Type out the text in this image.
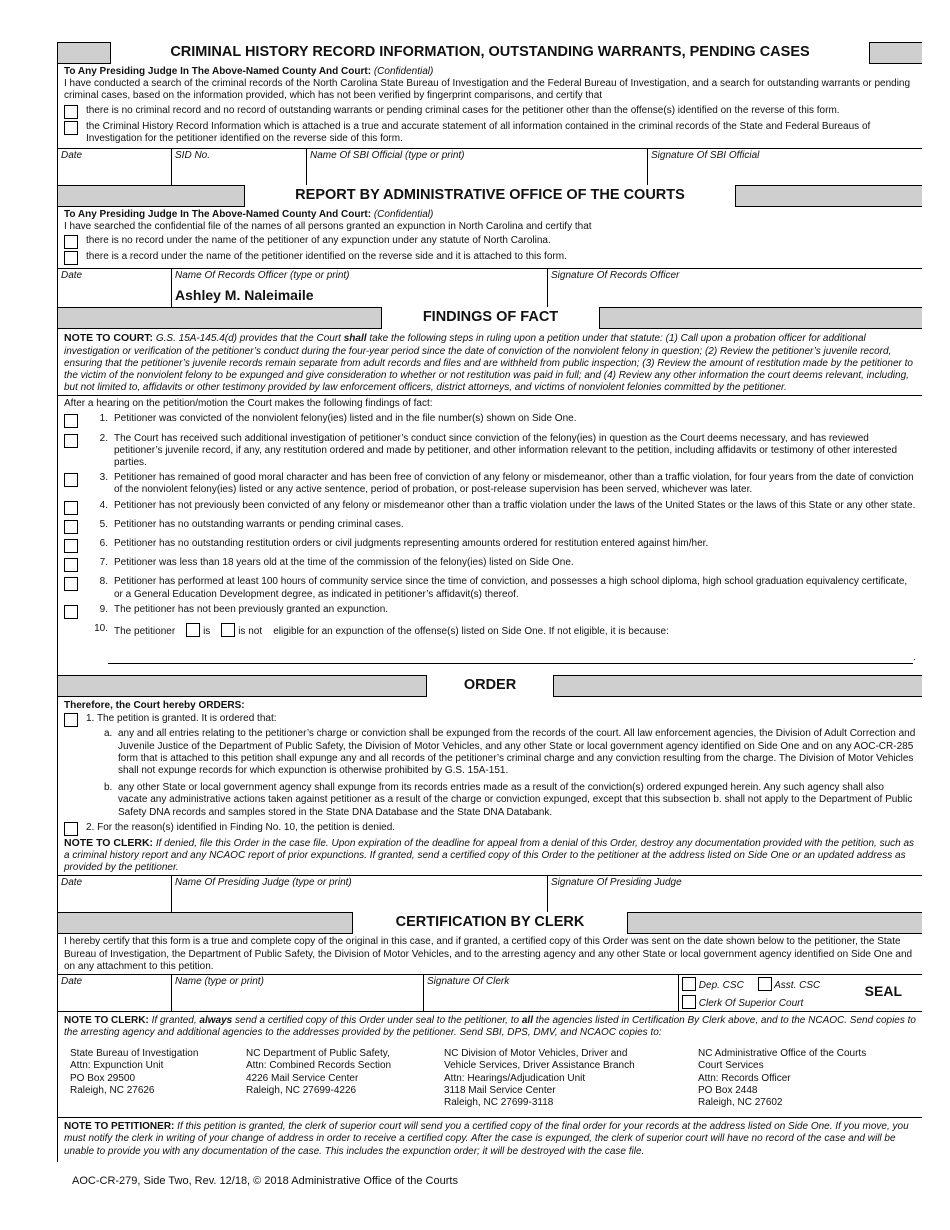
CRIMINAL HISTORY RECORD INFORMATION, OUTSTANDING WARRANTS, PENDING CASES
To Any Presiding Judge In The Above-Named County And Court: (Confidential)
I have conducted a search of the criminal records of the North Carolina State Bureau of Investigation and the Federal Bureau of Investigation, and a search for outstanding warrants or pending criminal cases, based on the information provided, which has not been verified by fingerprint comparisons, and certify that
there is no criminal record and no record of outstanding warrants or pending criminal cases for the petitioner other than the offense(s) identified on the reverse of this form.
the Criminal History Record Information which is attached is a true and accurate statement of all information contained in the criminal records of the State and Federal Bureaus of Investigation for the petitioner identified on the reverse side of this form.
Date	SID No.	Name Of SBI Official (type or print)	Signature Of SBI Official
REPORT BY ADMINISTRATIVE OFFICE OF THE COURTS
To Any Presiding Judge In The Above-Named County And Court: (Confidential)
I have searched the confidential file of the names of all persons granted an expunction in North Carolina and certify that
there is no record under the name of the petitioner of any expunction under any statute of North Carolina.
there is a record under the name of the petitioner identified on the reverse side and it is attached to this form.
Date	Name Of Records Officer (type or print)
Ashley M. Naleimaile
Signature Of Records Officer
FINDINGS OF FACT
NOTE TO COURT: G.S. 15A-145.4(d) provides that the Court shall take the following steps in ruling upon a petition under that statute: (1) Call upon a probation officer for additional investigation or verification of the petitioner’s conduct during the four-year period since the date of conviction of the nonviolent felony in question; (2) Review the petitioner’s juvenile record, ensuring that the petitioner’s juvenile records remain separate from adult records and files and are withheld from public inspection; (3) Review the amount of restitution made by the petitioner to the victim of the nonviolent felony to be expunged and give consideration to whether or not restitution was paid in full; and (4) Review any other information the court deems relevant, including, but not limited to, affidavits or other testimony provided by law enforcement officers, district attorneys, and victims of nonviolent felonies committed by the petitioner.
After a hearing on the petition/motion the Court makes the following findings of fact:
1. Petitioner was convicted of the nonviolent felony(ies) listed and in the file number(s) shown on Side One.
2. The Court has received such additional investigation of petitioner’s conduct since conviction of the felony(ies) in question as the Court deems necessary, and has reviewed petitioner’s juvenile record, if any, any restitution ordered and made by petitioner, and other information relevant to the petition, including affidavits or testimony of other interested parties.
3. Petitioner has remained of good moral character and has been free of conviction of any felony or misdemeanor, other than a traffic violation, for four years from the date of conviction of the nonviolent felony(ies) listed or any active sentence, period of probation, or post-release supervision has been served, whichever was later.
4. Petitioner has not previously been convicted of any felony or misdemeanor other than a traffic violation under the laws of the United States or the laws of this State or any other state.
5. Petitioner has no outstanding warrants or pending criminal cases.
6. Petitioner has no outstanding restitution orders or civil judgments representing amounts ordered for restitution entered against him/her.
7. Petitioner was less than 18 years old at the time of the commission of the felony(ies) listed on Side One.
8. Petitioner has performed at least 100 hours of community service since the time of conviction, and possesses a high school diploma, high school graduation equivalency certificate, or a General Education Development degree, as indicated in petitioner’s affidavit(s) thereof.
9. The petitioner has not been previously granted an expunction.
10. The petitioner	is	is not eligible for an expunction of the offense(s) listed on Side One. If not eligible, it is because:
.
ORDER
Therefore, the Court hereby ORDERS:
1. The petition is granted. It is ordered that:
a. any and all entries relating to the petitioner’s charge or conviction shall be expunged from the records of the court. All law enforcement agencies, the Division of Adult Correction and Juvenile Justice of the Department of Public Safety, the Division of Motor Vehicles, and any other State or local government agency identified on Side One and on any AOC-CR-285 form that is attached to this petition shall expunge any and all records of the petitioner’s criminal charge and any conviction resulting from the charge. The Division of Motor Vehicles shall not expunge records for which expunction is otherwise prohibited by G.S. 15A-151.
b. any other State or local government agency shall expunge from its records entries made as a result of the conviction(s) ordered expunged herein. Any such agency shall also vacate any administrative actions taken against petitioner as a result of the charge or conviction expunged, except that this subsection b. shall not apply to the Department of Public Safety DNA records and samples stored in the State DNA Database and the State DNA Databank.
2. For the reason(s) identified in Finding No. 10, the petition is denied.
NOTE TO CLERK: If denied, file this Order in the case file. Upon expiration of the deadline for appeal from a denial of this Order, destroy any documentation provided with the petition, such as a criminal history report and any NCAOC report of prior expunctions. If granted, send a certified copy of this Order to the petitioner at the address listed on Side One or an updated address as provided by the petitioner.
Date	Name Of Presiding Judge (type or print)	Signature Of Presiding Judge
CERTIFICATION BY CLERK
I hereby certify that this form is a true and complete copy of the original in this case, and if granted, a certified copy of this Order was sent on the date shown below to the petitioner, the State Bureau of Investigation, the Department of Public Safety, the Division of Motor Vehicles, and to the arresting agency and any other State or local government agency identified on Side One and on any attachment to this petition.
Date	Name (type or print)	Signature Of Clerk	Dep. CSC	Asst. CSC
Clerk Of Superior Court
SEAL
NOTE TO CLERK: If granted, always send a certified copy of this Order under seal to the petitioner, to all the agencies listed in Certification By Clerk above, and to the NCAOC. Send copies to the arresting agency and additional agencies to the addresses provided by the petitioner. Send SBI, DPS, DMV, and NCAOC copies to:
State Bureau of Investigation
Attn: Expunction Unit
PO Box 29500
Raleigh, NC 27626
NC Department of Public Safety,
Attn: Combined Records Section
4226 Mail Service Center
Raleigh, NC 27699-4226
NC Division of Motor Vehicles, Driver and
Vehicle Services, Driver Assistance Branch
Attn: Hearings/Adjudication Unit
3118 Mail Service Center
Raleigh, NC 27699-3118
NC Administrative Office of the Courts
Court Services
Attn: Records Officer
PO Box 2448
Raleigh, NC 27602
NOTE TO PETITIONER: If this petition is granted, the clerk of superior court will send you a certified copy of the final order for your records at the address listed on Side One. If you move, you must notify the clerk in writing of your change of address in order to receive a certified copy. After the case is expunged, the clerk of superior court will have no record of the case and will be unable to provide you with any documentation of the case. This includes the expunction order; it will be destroyed with the case file.
AOC-CR-279, Side Two, Rev. 12/18, © 2018 Administrative Office of the Courts
